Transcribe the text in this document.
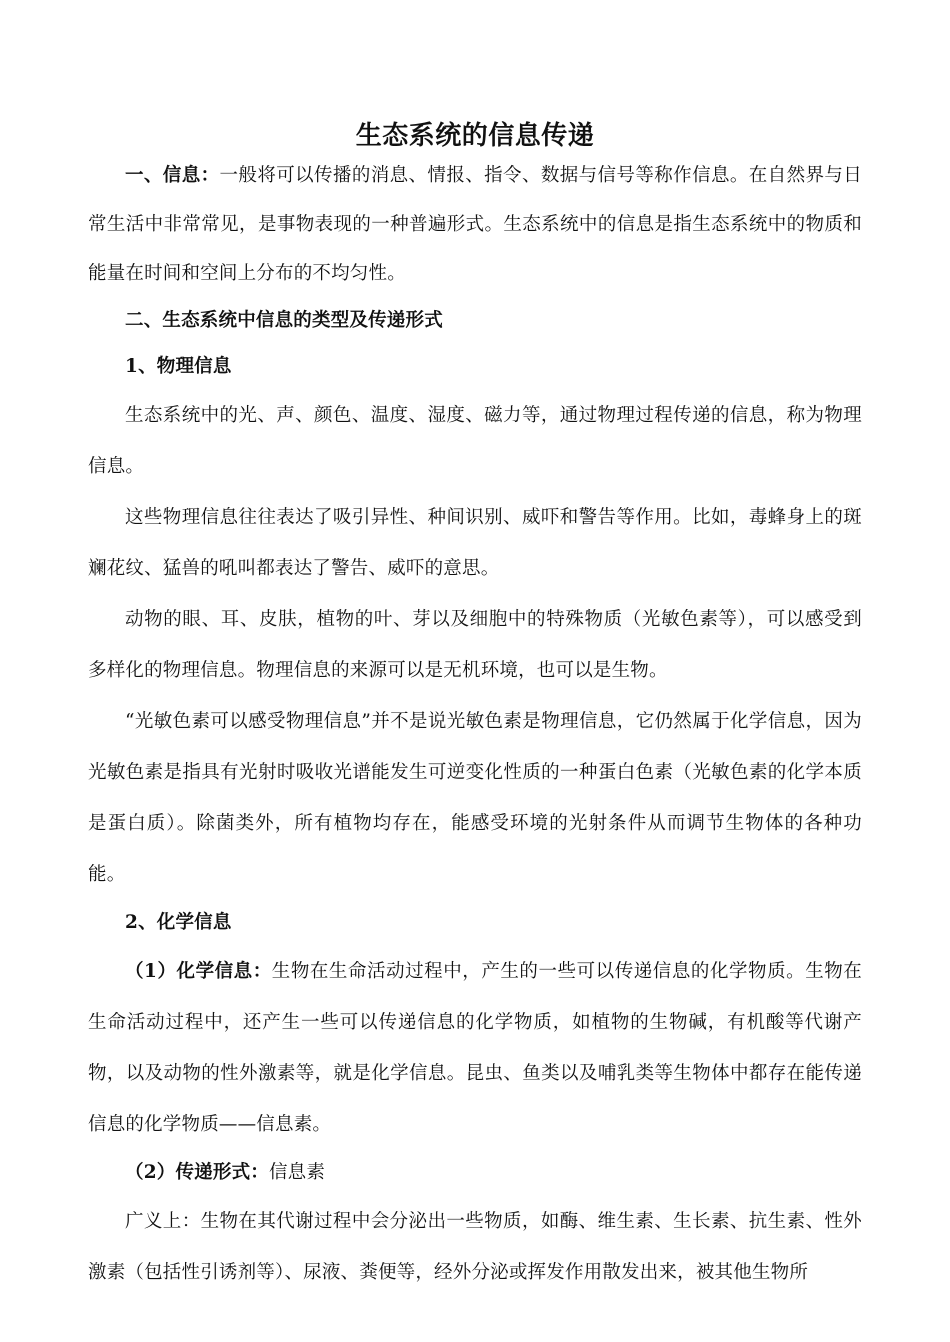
生态系统的信息传递

一、信息：一般将可以传播的消息、情报、指令、数据与信号等称作信息。在自然界与日常生活中非常常见，是事物表现的一种普遍形式。生态系统中的信息是指生态系统中的物质和能量在时间和空间上分布的不均匀性。

二、生态系统中信息的类型及传递形式

1、物理信息

生态系统中的光、声、颜色、温度、湿度、磁力等，通过物理过程传递的信息，称为物理信息。

这些物理信息往往表达了吸引异性、种间识别、威吓和警告等作用。比如，毒蜂身上的斑斓花纹、猛兽的吼叫都表达了警告、威吓的意思。

动物的眼、耳、皮肤，植物的叶、芽以及细胞中的特殊物质（光敏色素等），可以感受到多样化的物理信息。物理信息的来源可以是无机环境，也可以是生物。

“光敏色素可以感受物理信息”并不是说光敏色素是物理信息，它仍然属于化学信息，因为光敏色素是指具有光射时吸收光谱能发生可逆变化性质的一种蛋白色素（光敏色素的化学本质是蛋白质）。除菌类外，所有植物均存在，能感受环境的光射条件从而调节生物体的各种功能。

2、化学信息

（1）化学信息：生物在生命活动过程中，产生的一些可以传递信息的化学物质。生物在生命活动过程中，还产生一些可以传递信息的化学物质，如植物的生物碱，有机酸等代谢产物，以及动物的性外激素等，就是化学信息。昆虫、鱼类以及哺乳类等生物体中都存在能传递信息的化学物质——信息素。

（2）传递形式：信息素

广义上：生物在其代谢过程中会分泌出一些物质，如酶、维生素、生长素、抗生素、性外激素（包括性引诱剂等）、尿液、粪便等，经外分泌或挥发作用散发出来，被其他生物所
